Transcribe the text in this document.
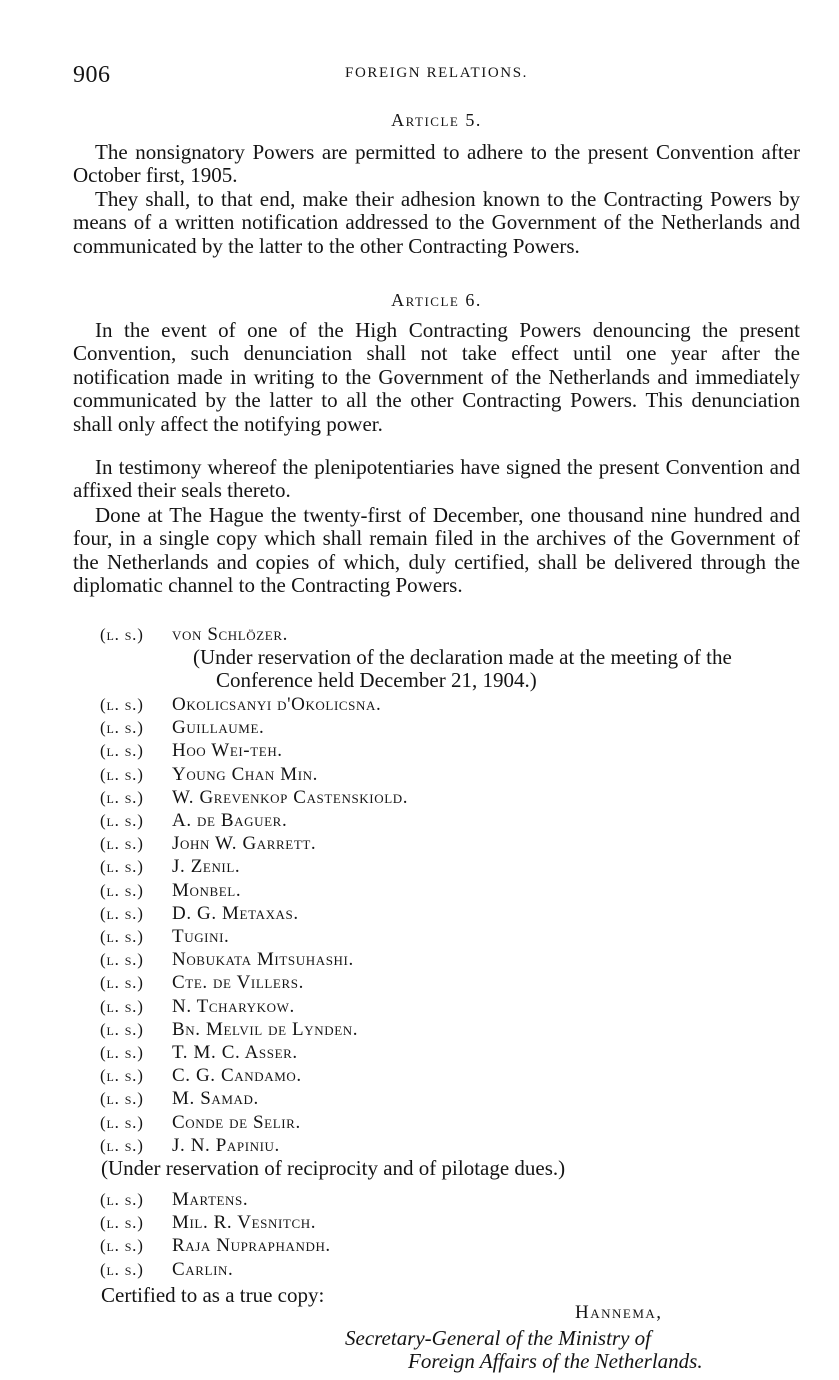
906	FOREIGN RELATIONS.
Article 5.

The nonsignatory Powers are permitted to adhere to the present Convention after October first, 1905.

They shall, to that end, make their adhesion known to the Contracting Powers by means of a written notification addressed to the Government of the Netherlands and communicated by the latter to the other Contracting Powers.

Article 6.

In the event of one of the High Contracting Powers denouncing the present Convention, such denunciation shall not take effect until one year after the notification made in writing to the Government of the Netherlands and immediately communicated by the latter to all the other Contracting Powers. This denunciation shall only affect the notifying power.

In testimony whereof the plenipotentiaries have signed the present Convention and affixed their seals thereto.

Done at The Hague the twenty-first of December, one thousand nine hundred and four, in a single copy which shall remain filed in the archives of the Government of the Netherlands and copies of which, duly certified, shall be delivered through the diplomatic channel to the Contracting Powers.

(l. s.) von Schlözer.

(Under reservation of the declaration made at the meeting of the Conference held December 21, 1904.)

(l. s.) Okolicsanyi d'Okolicsna.
(l. s.) Guillaume.
(l. s.) Hoo Wei-teh.
(l. s.) Young Chan Min.
(l. s.) W. Grevenkop Castenskiold.
(l. s.) A. de Baguer.
(l. s.) John W. Garrett.
(l. s.) J. Zenil.
(l. s.) Monbel.
(l. s.) D. G. Metaxas.
(l. s.) Tugini.
(l. s.) Nobukata Mitsuhashi.
(l. s.) Cte. de Villers.
(l. s.) N. Tcharykow.
(l. s.) Bn. Melvil de Lynden.
(l. s.) T. M. C. Asser.
(l. s.) C. G. Candamo.
(l. s.) M. Samad.
(l. s.) Conde de Selir.
(l. s.) J. N. Papiniu.

(Under reservation of reciprocity and of pilotage dues.)

(l. s.) Martens.
(l. s.) Mil. R. Vesnitch.
(l. s.) Raja Nupraphandh.
(l. s.) Carlin.
Certified to as a true copy:
Hannema,
Secretary-General of the Ministry of
Foreign Affairs of the Netherlands.
